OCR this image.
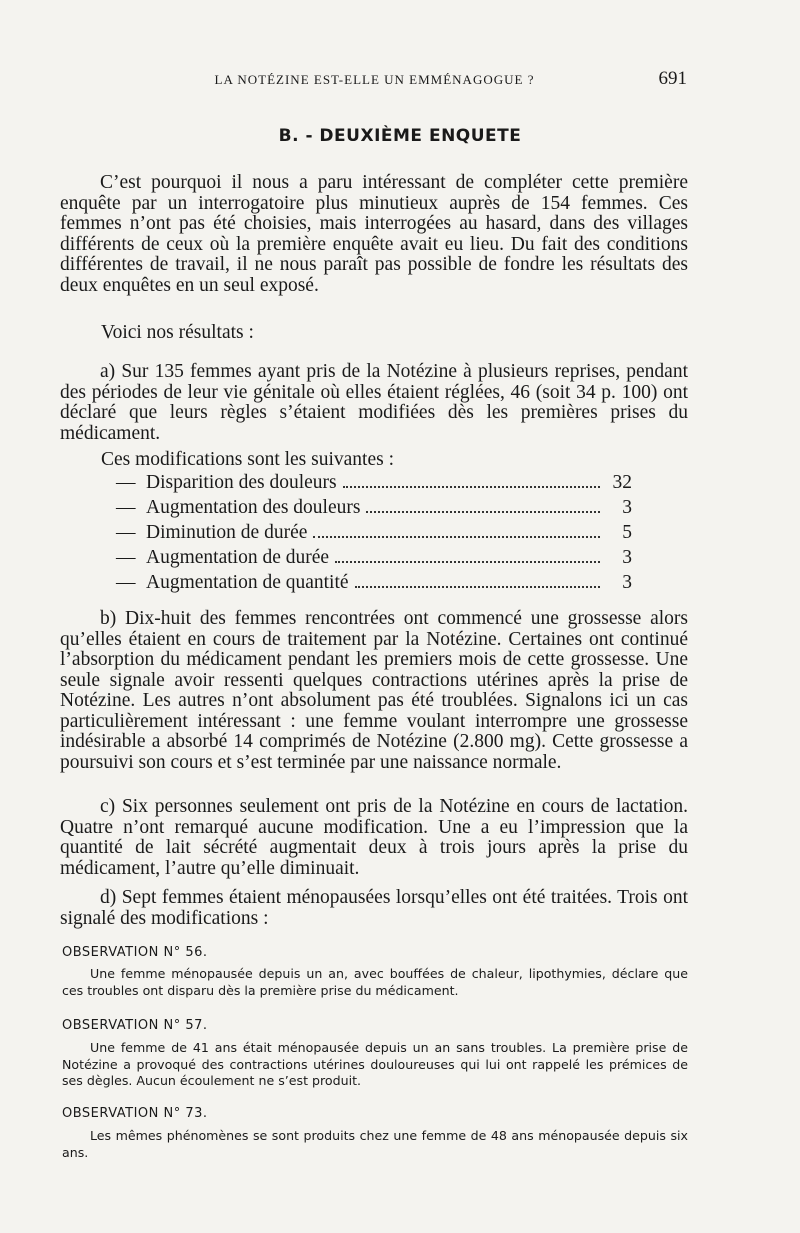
LA NOTÉZINE EST-ELLE UN EMMÉNAGOGUE ?	691
B. - DEUXIÈME ENQUETE

C’est pourquoi il nous a paru intéressant de compléter cette première enquête par un interrogatoire plus minutieux auprès de 154 femmes. Ces femmes n’ont pas été choisies, mais interrogées au hasard, dans des villages différents de ceux où la première enquête avait eu lieu. Du fait des conditions différentes de travail, il ne nous paraît pas possible de fondre les résultats des deux enquêtes en un seul exposé.

Voici nos résultats :

a) Sur 135 femmes ayant pris de la Notézine à plusieurs reprises, pendant des périodes de leur vie génitale où elles étaient réglées, 46 (soit 34 p. 100) ont déclaré que leurs règles s’étaient modifiées dès les premières prises du médicament.

Ces modifications sont les suivantes :
— Disparition des douleurs	32
— Augmentation des douleurs	3
— Diminution de durée	5
— Augmentation de durée	3
— Augmentation de quantité	3

b) Dix-huit des femmes rencontrées ont commencé une grossesse alors qu’elles étaient en cours de traitement par la Notézine. Certaines ont continué l’absorption du médicament pendant les premiers mois de cette grossesse. Une seule signale avoir ressenti quelques contractions utérines après la prise de Notézine. Les autres n’ont absolument pas été troublées. Signalons ici un cas particulièrement intéressant : une femme voulant interrompre une grossesse indésirable a absorbé 14 comprimés de Notézine (2.800 mg). Cette grossesse a poursuivi son cours et s’est terminée par une naissance normale.

c) Six personnes seulement ont pris de la Notézine en cours de lactation. Quatre n’ont remarqué aucune modification. Une a eu l’impression que la quantité de lait sécrété augmentait deux à trois jours après la prise du médicament, l’autre qu’elle diminuait.

d) Sept femmes étaient ménopausées lorsqu’elles ont été traitées. Trois ont signalé des modifications :

OBSERVATION N° 56.
Une femme ménopausée depuis un an, avec bouffées de chaleur, lipothymies, déclare que ces troubles ont disparu dès la première prise du médicament.
OBSERVATION N° 57.
Une femme de 41 ans était ménopausée depuis un an sans troubles. La première prise de Notézine a provoqué des contractions utérines douloureuses qui lui ont rappelé les prémices de ses dègles. Aucun écoulement ne s’est produit.
OBSERVATION N° 73.
Les mêmes phénomènes se sont produits chez une femme de 48 ans ménopausée depuis six ans.
